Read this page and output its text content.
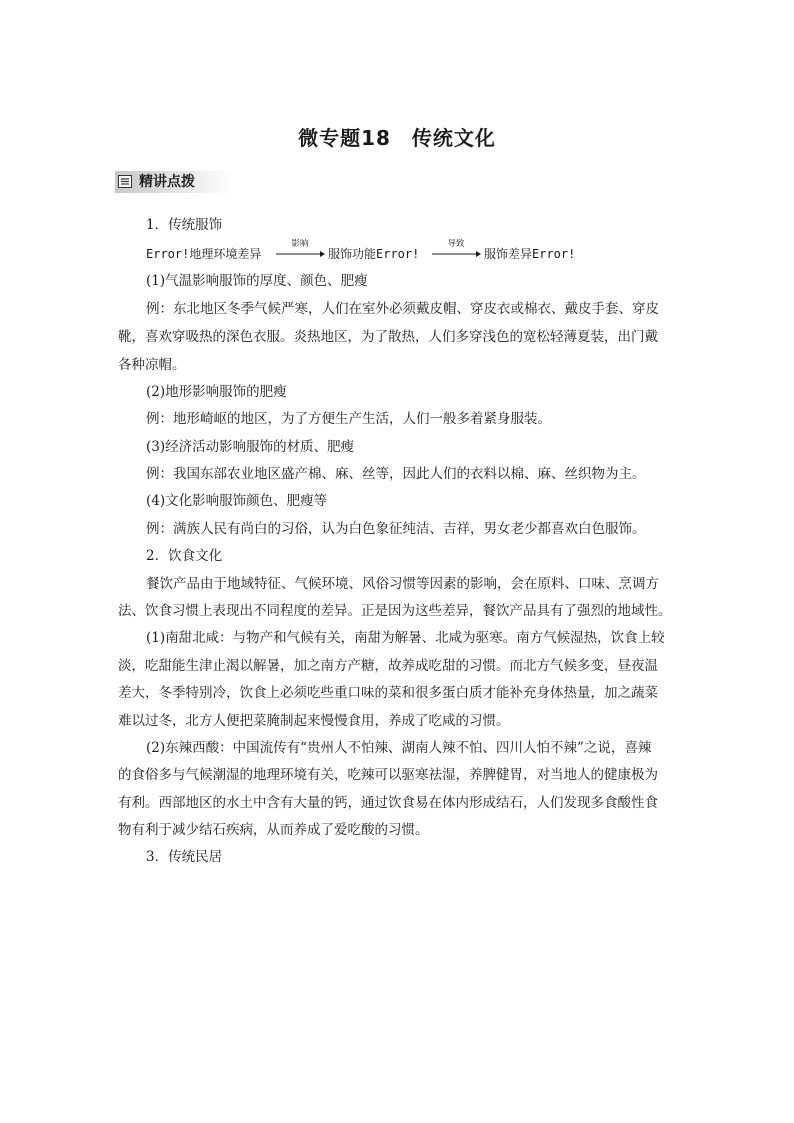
微专题18　传统文化
精讲点拨
1．传统服饰
Error!地理环境差异
影响
服饰功能Error!
导致
服饰差异Error!
(1)气温影响服饰的厚度、颜色、肥瘦
例：东北地区冬季气候严寒，人们在室外必须戴皮帽、穿皮衣或棉衣、戴皮手套、穿皮
靴，喜欢穿吸热的深色衣服。炎热地区，为了散热，人们多穿浅色的宽松轻薄夏装，出门戴
各种凉帽。
(2)地形影响服饰的肥瘦
例：地形崎岖的地区，为了方便生产生活，人们一般多着紧身服装。
(3)经济活动影响服饰的材质、肥瘦
例：我国东部农业地区盛产棉、麻、丝等，因此人们的衣料以棉、麻、丝织物为主。
(4)文化影响服饰颜色、肥瘦等
例：满族人民有尚白的习俗，认为白色象征纯洁、吉祥，男女老少都喜欢白色服饰。
2．饮食文化
餐饮产品由于地域特征、气候环境、风俗习惯等因素的影响，会在原料、口味、烹调方
法、饮食习惯上表现出不同程度的差异。正是因为这些差异，餐饮产品具有了强烈的地域性。
(1)南甜北咸：与物产和气候有关，南甜为解暑、北咸为驱寒。南方气候湿热，饮食上较
淡，吃甜能生津止渴以解暑，加之南方产糖，故养成吃甜的习惯。而北方气候多变，昼夜温
差大，冬季特别冷，饮食上必须吃些重口味的菜和很多蛋白质才能补充身体热量，加之蔬菜
难以过冬，北方人便把菜腌制起来慢慢食用，养成了吃咸的习惯。
(2)东辣西酸：中国流传有“贵州人不怕辣、湖南人辣不怕、四川人怕不辣”之说，喜辣
的食俗多与气候潮湿的地理环境有关，吃辣可以驱寒祛湿，养脾健胃，对当地人的健康极为
有利。西部地区的水土中含有大量的钙，通过饮食易在体内形成结石，人们发现多食酸性食
物有利于减少结石疾病，从而养成了爱吃酸的习惯。
3．传统民居
